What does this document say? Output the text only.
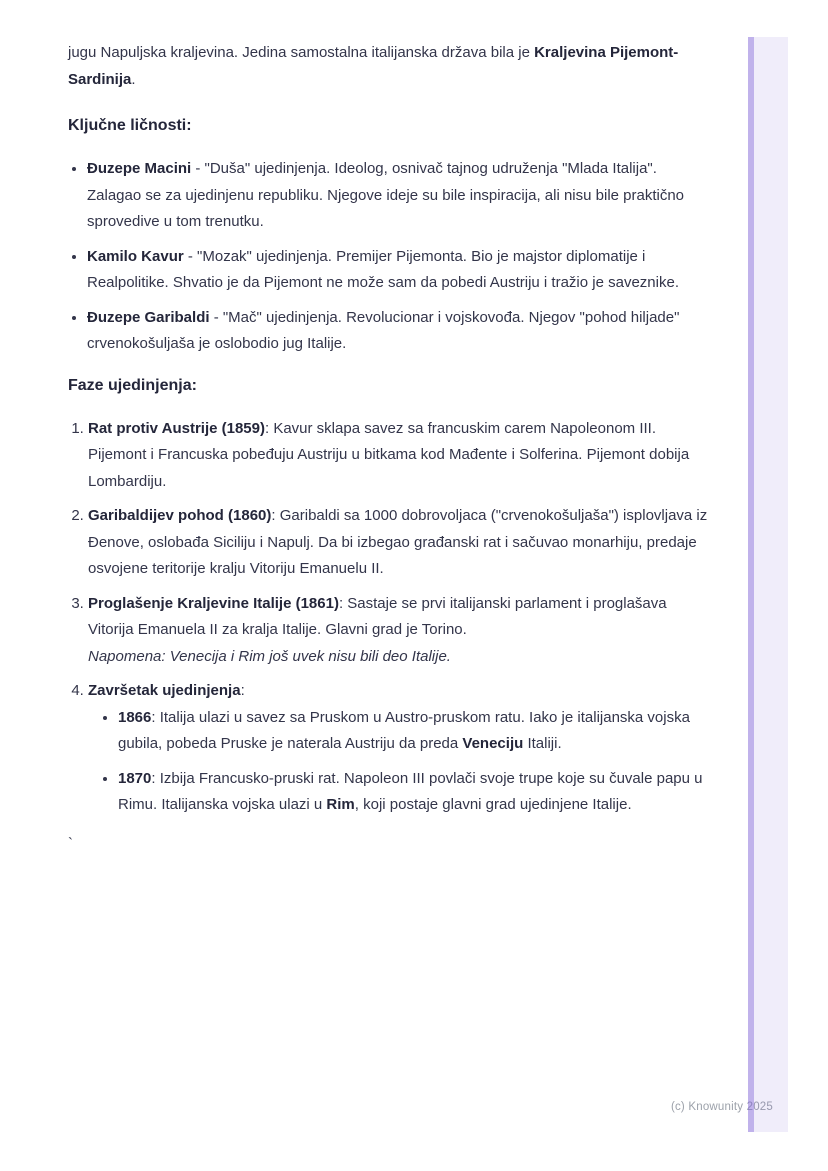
jugu Napuljska kraljevina. Jedina samostalna italijanska država bila je Kraljevina Pijemont-Sardinija.

Ključne ličnosti:
• Đuzepe Macini - "Duša" ujedinjenja. Ideolog, osnivač tajnog udruženja "Mlada Italija". Zalagao se za ujedinjenu republiku. Njegove ideje su bile inspiracija, ali nisu bile praktično sprovedive u tom trenutku.
• Kamilo Kavur - "Mozak" ujedinjenja. Premijer Pijemonta. Bio je majstor diplomatije i Realpolitike. Shvatio je da Pijemont ne može sam da pobedi Austriju i tražio je saveznike.
• Đuzepe Garibaldi - "Mač" ujedinjenja. Revolucionar i vojskovođa. Njegov "pohod hiljade" crvenokošuljaša je oslobodio jug Italije.
Faze ujedinjenja:
1. Rat protiv Austrije (1859): Kavur sklapa savez sa francuskim carem Napoleonom III. Pijemont i Francuska pobeđuju Austriju u bitkama kod Mađente i Solferina. Pijemont dobija Lombardiju.
2. Garibaldijev pohod (1860): Garibaldi sa 1000 dobrovoljaca ("crvenokošuljaša") isplovljava iz Đenove, oslobađa Siciliju i Napulj. Da bi izbegao građanski rat i sačuvao monarhiju, predaje osvojene teritorije kralju Vitoriju Emanuelu II.
3. Proglašenje Kraljevine Italije (1861): Sastaje se prvi italijanski parlament i proglašava Vitorija Emanuela II za kralja Italije. Glavni grad je Torino.
Napomena: Venecija i Rim još uvek nisu bili deo Italije.
4. Završetak ujedinjenja:
• 1866: Italija ulazi u savez sa Pruskom u Austro-pruskom ratu. Iako je italijanska vojska gubila, pobeda Pruske je naterala Austriju da preda Veneciju Italiji.
• 1870: Izbija Francusko-pruski rat. Napoleon III povlači svoje trupe koje su čuvale papu u Rimu. Italijanska vojska ulazi u Rim, koji postaje glavni grad ujedinjene Italije.
`
(c) Knowunity 2025
